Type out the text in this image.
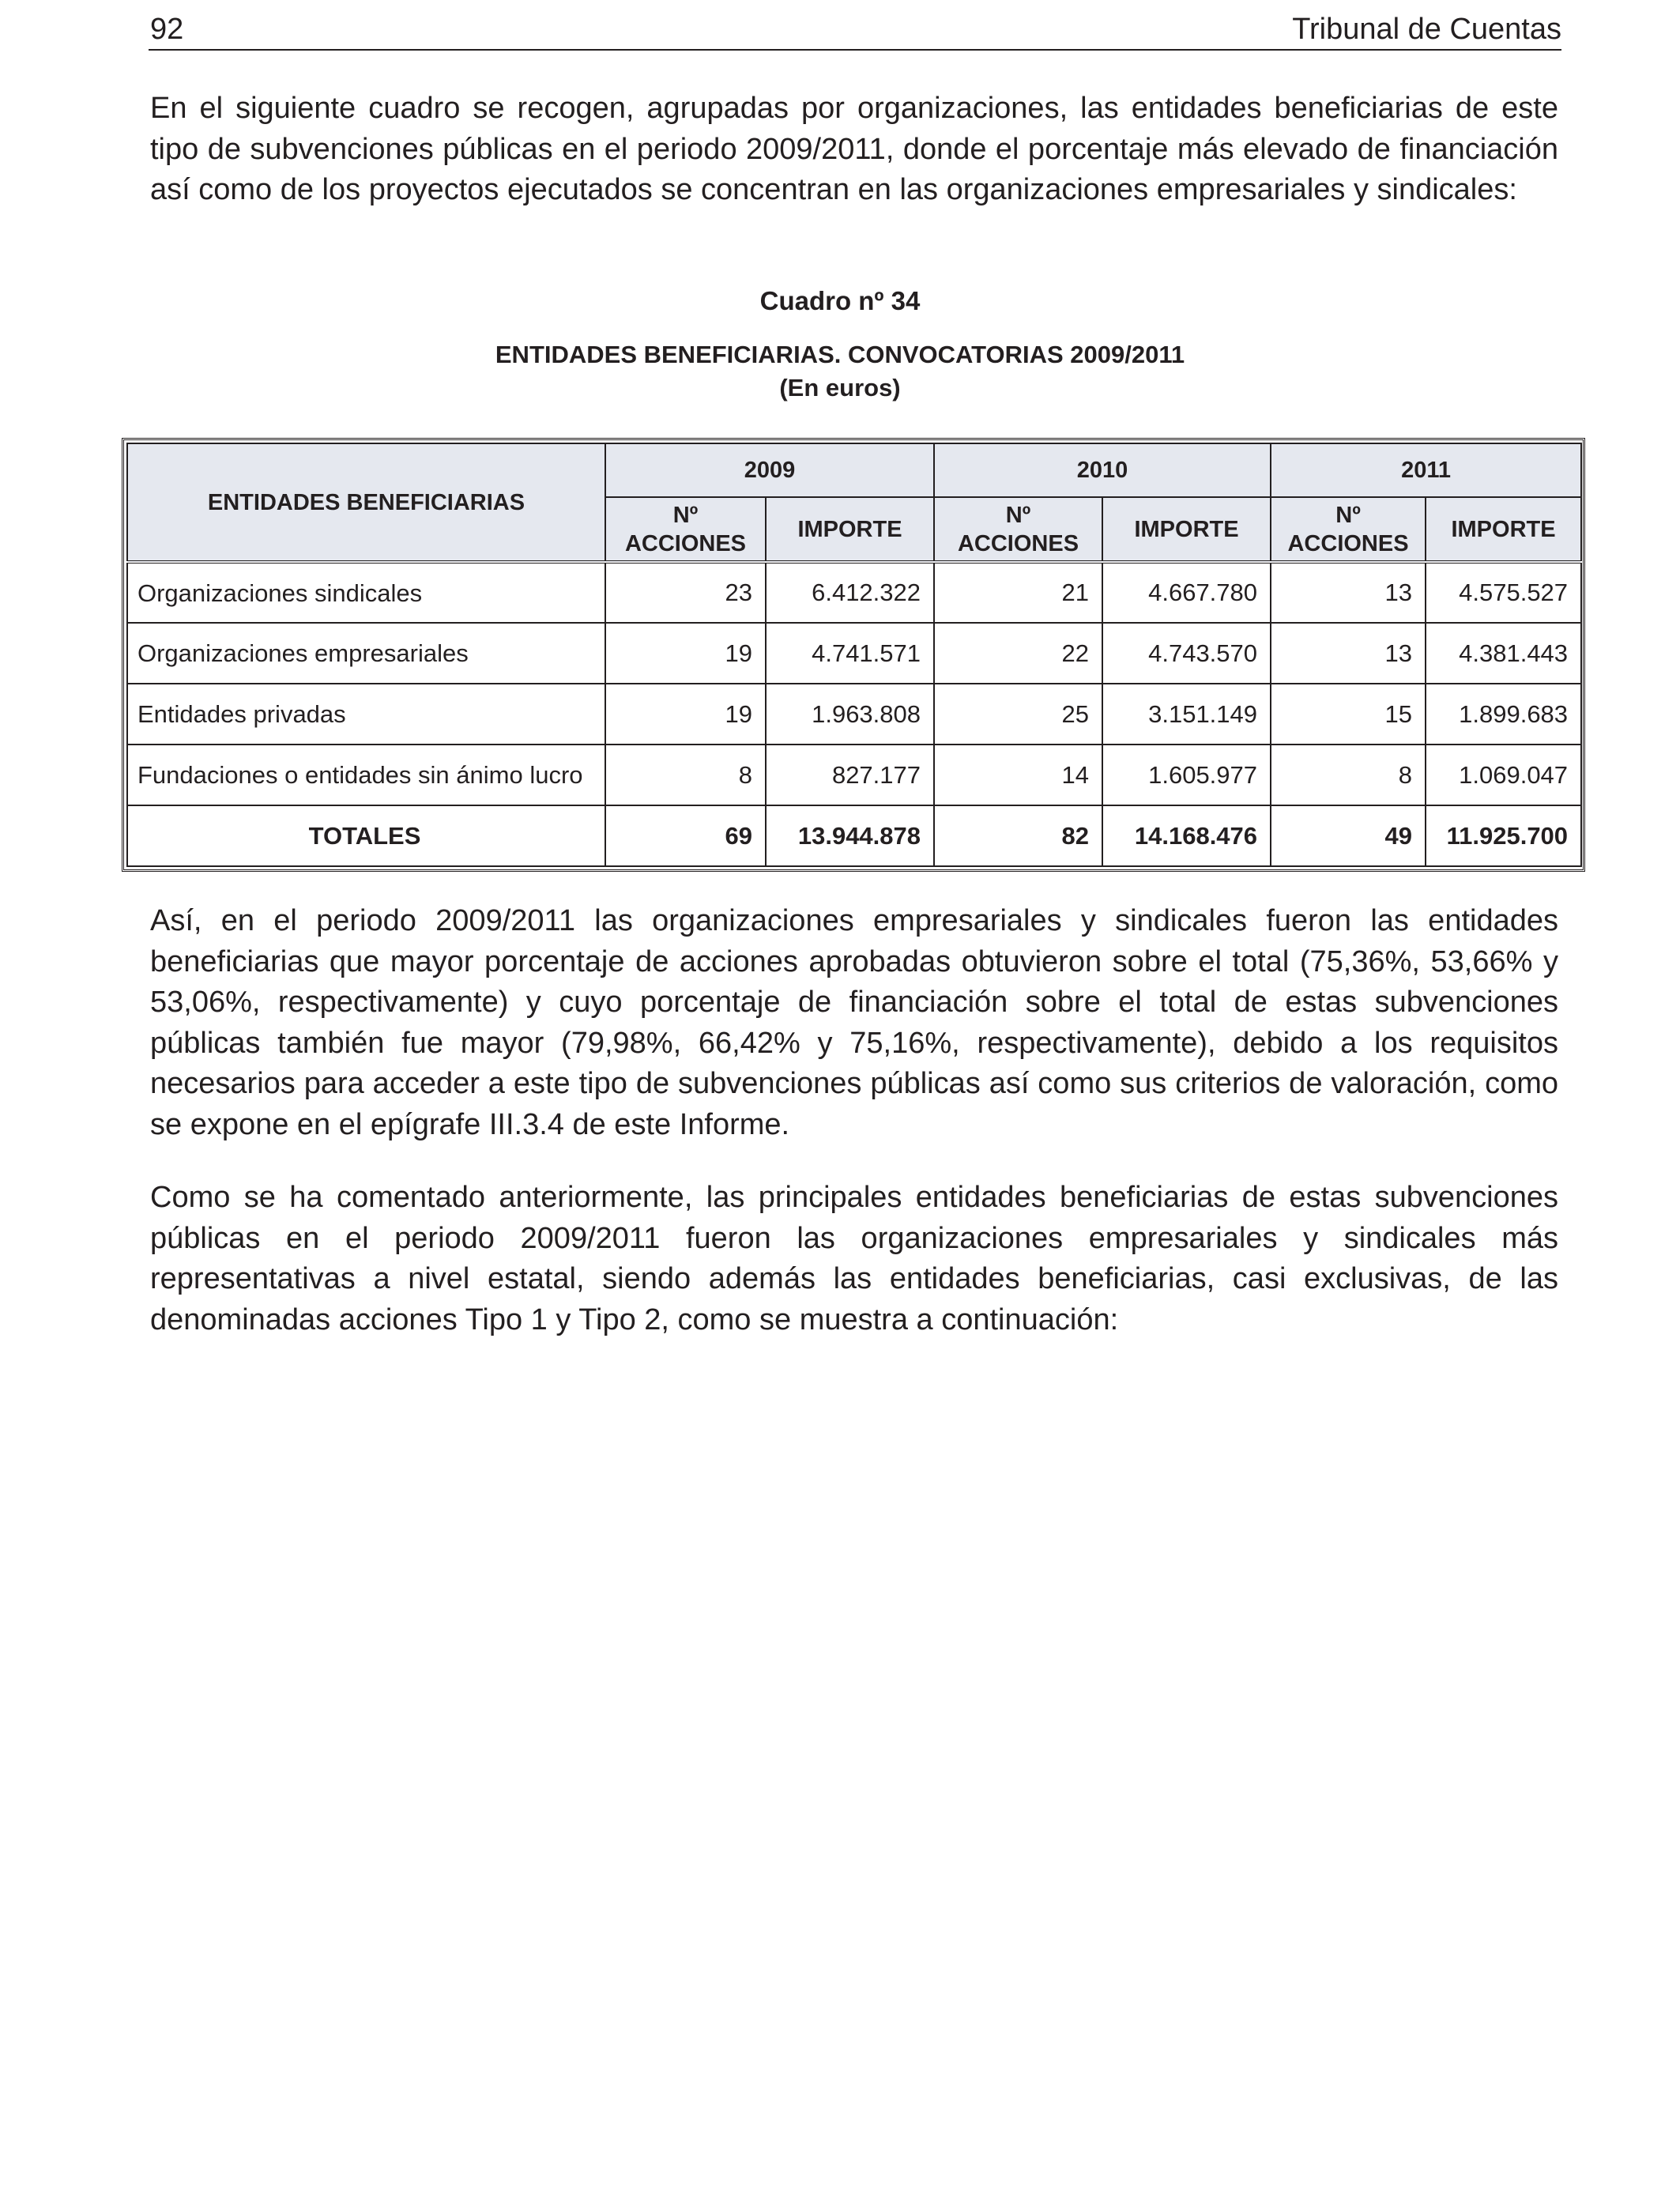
92	Tribunal de Cuentas

En el siguiente cuadro se recogen, agrupadas por organizaciones, las entidades beneficiarias de este tipo de subvenciones públicas en el periodo 2009/2011, donde el porcentaje más elevado de financiación así como de los proyectos ejecutados se concentran en las organizaciones empresariales y sindicales:

Cuadro nº 34

ENTIDADES BENEFICIARIAS. CONVOCATORIAS 2009/2011

(En euros)

ENTIDADES BENEFICIARIAS	2009		2010		2011	
	Nº ACCIONES	IMPORTE	Nº ACCIONES	IMPORTE	Nº ACCIONES	IMPORTE
Organizaciones sindicales	23	6.412.322	21	4.667.780	13	4.575.527
Organizaciones empresariales	19	4.741.571	22	4.743.570	13	4.381.443
Entidades privadas	19	1.963.808	25	3.151.149	15	1.899.683
Fundaciones o entidades sin ánimo lucro	8	827.177	14	1.605.977	8	1.069.047
TOTALES	69	13.944.878	82	14.168.476	49	11.925.700

Así, en el periodo 2009/2011 las organizaciones empresariales y sindicales fueron las entidades beneficiarias que mayor porcentaje de acciones aprobadas obtuvieron sobre el total (75,36%, 53,66% y 53,06%, respectivamente) y cuyo porcentaje de financiación sobre el total de estas subvenciones públicas también fue mayor (79,98%, 66,42% y 75,16%, respectivamente), debido a los requisitos necesarios para acceder a este tipo de subvenciones públicas así como sus criterios de valoración, como se expone en el epígrafe III.3.4 de este Informe.

Como se ha comentado anteriormente, las principales entidades beneficiarias de estas subvenciones públicas en el periodo 2009/2011 fueron las organizaciones empresariales y sindicales más representativas a nivel estatal, siendo además las entidades beneficiarias, casi exclusivas, de las denominadas acciones Tipo 1 y Tipo 2, como se muestra a continuación:
